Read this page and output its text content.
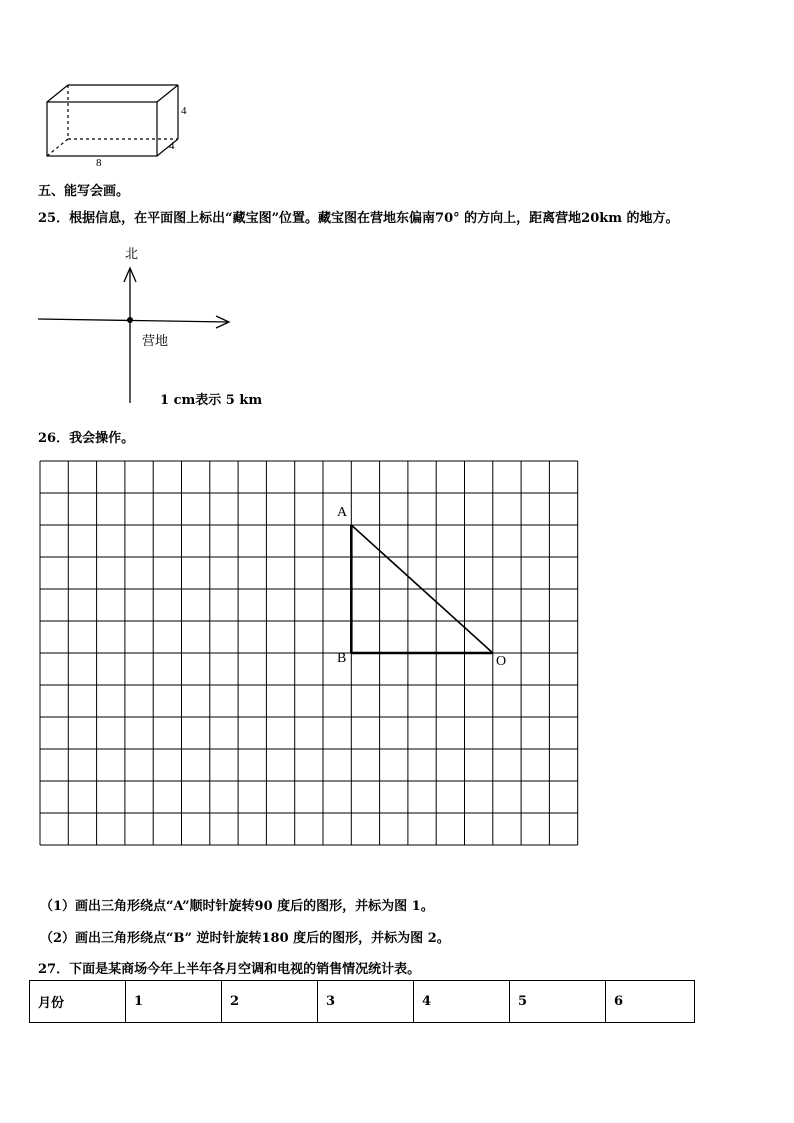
4
4
8
五、能写会画。
25．根据信息，在平面图上标出“藏宝图”位置。藏宝图在营地东偏南70° 的方向上，距离营地20km 的地方。
北
营地
1 cm表示 5 km
26．我会操作。
A
B	O
（1）画出三角形绕点“A”顺时针旋转90 度后的图形，并标为图 1。
（2）画出三角形绕点“B” 逆时针旋转180 度后的图形，并标为图 2。
27．下面是某商场今年上半年各月空调和电视的销售情况统计表。
月份	1	2	3	4	5	6
